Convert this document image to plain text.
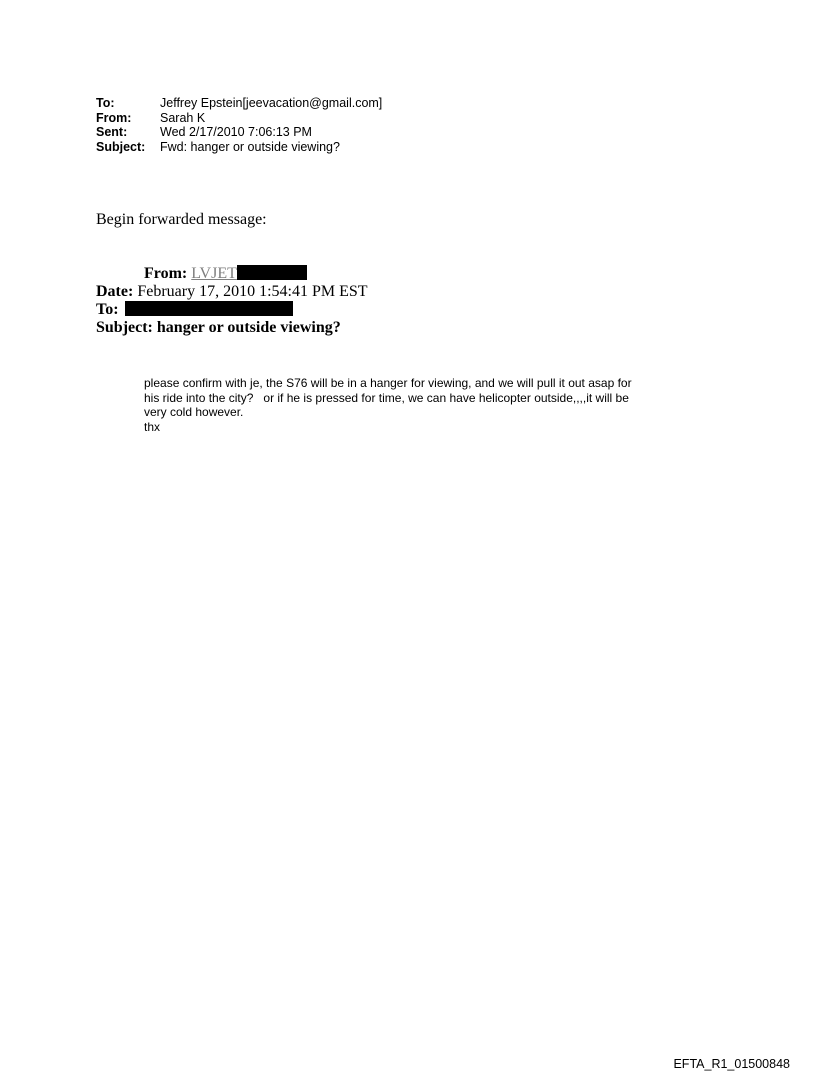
To:	Jeffrey Epstein[jeevacation@gmail.com]
From:	Sarah K
Sent:	Wed 2/17/2010 7:06:13 PM
Subject:	Fwd: hanger or outside viewing?
Begin forwarded message:
From: LVJET
Date: February 17, 2010 1:54:41 PM EST
To:
Subject: hanger or outside viewing?
please confirm with je, the S76 will be in a hanger for viewing, and we will pull it out asap for
his ride into the city?   or if he is pressed for time, we can have helicopter outside,,,,it will be
very cold however.
thx
EFTA_R1_01500848
